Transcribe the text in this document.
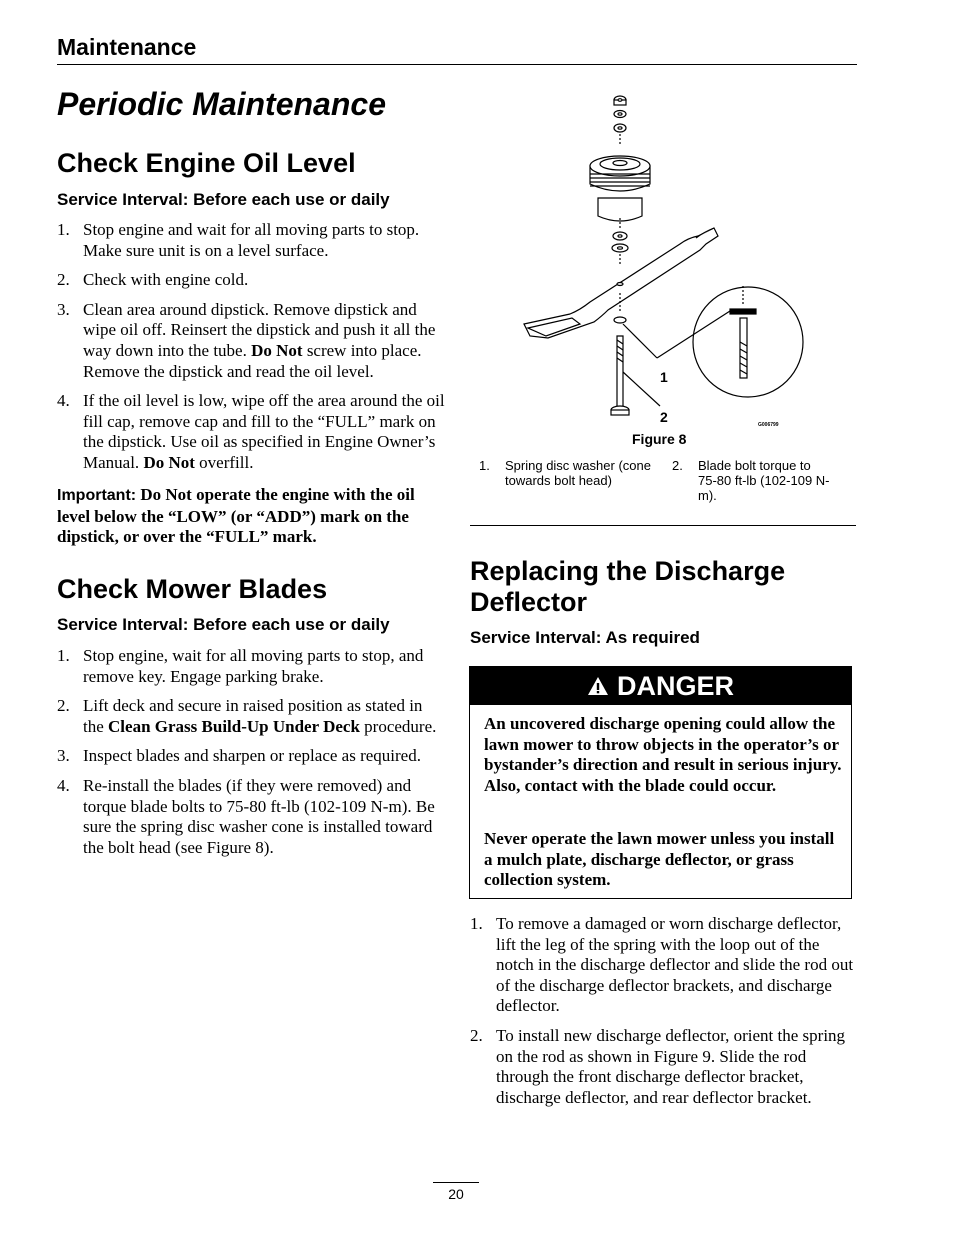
Maintenance
Periodic Maintenance
Check Engine Oil Level
Service Interval: Before each use or daily
1. Stop engine and wait for all moving parts to stop. Make sure unit is on a level surface.
2. Check with engine cold.
3. Clean area around dipstick. Remove dipstick and wipe oil off. Reinsert the dipstick and push it all the way down into the tube. Do Not screw into place. Remove the dipstick and read the oil level.
4. If the oil level is low, wipe off the area around the oil fill cap, remove cap and fill to the “FULL” mark on the dipstick. Use oil as specified in Engine Owner’s Manual. Do Not overfill.
Important: Do Not operate the engine with the oil level below the “LOW” (or “ADD”) mark on the dipstick, or over the “FULL” mark.
Check Mower Blades
Service Interval: Before each use or daily
1. Stop engine, wait for all moving parts to stop, and remove key. Engage parking brake.
2. Lift deck and secure in raised position as stated in the Clean Grass Build-Up Under Deck procedure.
3. Inspect blades and sharpen or replace as required.
4. Re-install the blades (if they were removed) and torque blade bolts to 75-80 ft-lb (102-109 N-m). Be sure the spring disc washer cone is installed toward the bolt head (see Figure 8).
1
2	G006799
Figure 8
1. Spring disc washer (cone towards bolt head)
2. Blade bolt torque to 75-80 ft-lb (102-109 N-m).
Replacing the Discharge Deflector
Service Interval: As required
DANGER
An uncovered discharge opening could allow the lawn mower to throw objects in the operator’s or bystander’s direction and result in serious injury. Also, contact with the blade could occur.
Never operate the lawn mower unless you install a mulch plate, discharge deflector, or grass collection system.
1. To remove a damaged or worn discharge deflector, lift the leg of the spring with the loop out of the notch in the discharge deflector and slide the rod out of the discharge deflector brackets, and discharge deflector.
2. To install new discharge deflector, orient the spring on the rod as shown in Figure 9. Slide the rod through the front discharge deflector bracket, discharge deflector, and rear deflector bracket.
20
